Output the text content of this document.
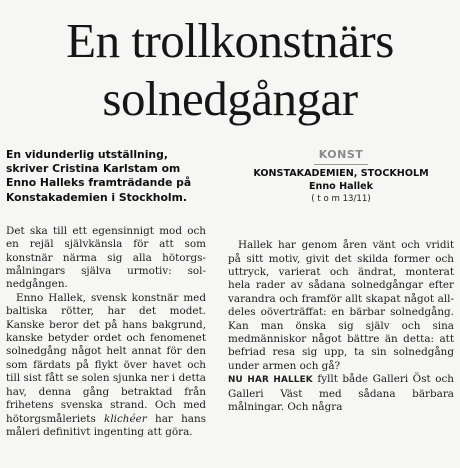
En trollkonstnärs
solnedgångar
En vidunderlig utställning,
skriver Cristina Karlstam om
Enno Halleks framträdande på
Konstakademien i Stockholm.

Det ska till ett egensinnigt mod och en rejäl självkänsla för att som konstnär närma sig alla hötorgsmålningars själva urmotiv: solnedgången.

Enno Hallek, svensk konstnär med baltiska rötter, har det modet. Kanske beror det på hans bakgrund, kanske betyder ordet och fenomenet solnedgång något helt annat för den som färdats på flykt över havet och till sist fått se solen sjunka ner i detta hav, denna gång betraktad från frihetens svenska strand. Och med hötorgsmåleriets klichéer har hans måleri definitivt ingenting att göra.

KONST
KONSTAKADEMIEN, STOCKHOLM
Enno Hallek
( t o m 13/11)

Hallek har genom åren vänt och vridit på sitt motiv, givit det skilda former och uttryck, varierat och ändrat, monterat hela rader av sådana solnedgångar efter varandra och framför allt skapat något alldeles oöverträffat: en bärbar solnedgång. Kan man önska sig själv och sina medmänniskor något bättre än detta: att befriad resa sig upp, ta sin solnedgång under armen och gå?

NU HAR HALLEK fyllt både Galleri Öst och Galleri Väst med sådana bärbara målningar. Och några
